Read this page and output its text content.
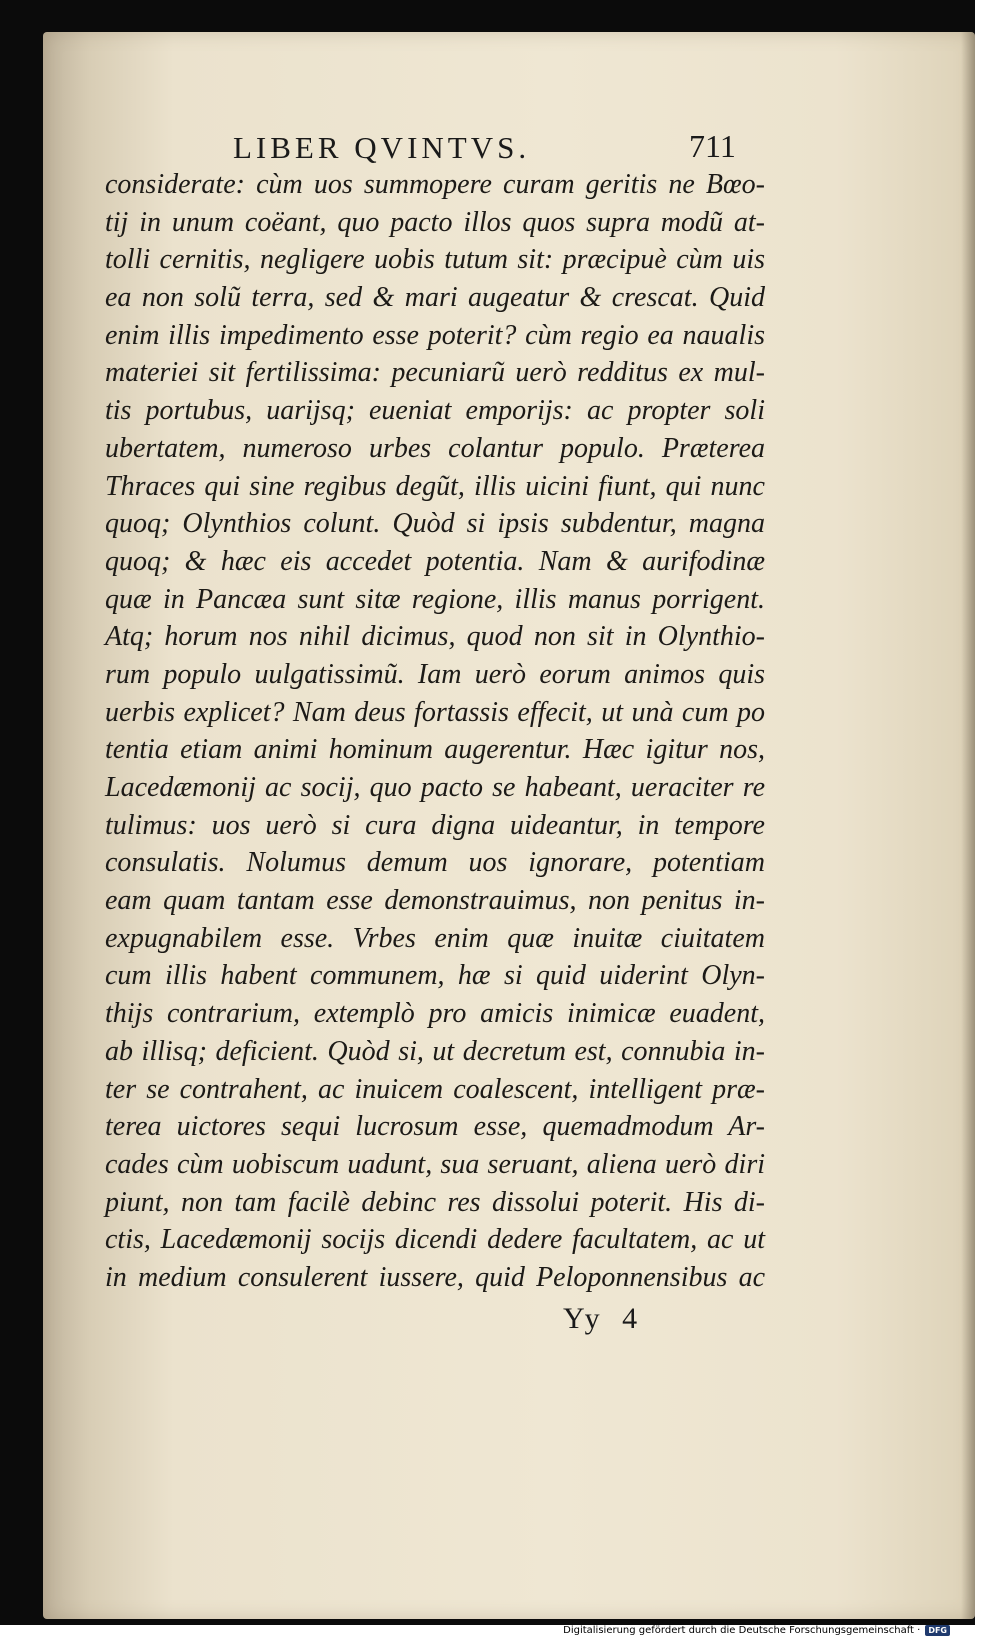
LIBER QVINTVS.	711
considerate: cùm uos summopere curam geritis ne Bœo-
tij in unum coëant, quo pacto illos quos supra modũ at-
tolli cernitis, negligere uobis tutum sit: præcipuè cùm uis
ea non solũ terra, sed & mari augeatur & crescat. Quid
enim illis impedimento esse poterit? cùm regio ea naualis
materiei sit fertilissima: pecuniarũ uerò redditus ex mul-
tis portubus, uarijsq; eueniat emporijs: ac propter soli
ubertatem, numeroso urbes colantur populo. Præterea
Thraces qui sine regibus degũt, illis uicini fiunt, qui nunc
quoq; Olynthios colunt. Quòd si ipsis subdentur, magna
quoq; & hæc eis accedet potentia. Nam & aurifodinæ
quæ in Pancæa sunt sitæ regione, illis manus porrigent.
Atq; horum nos nihil dicimus, quod non sit in Olynthio-
rum populo uulgatissimũ. Iam uerò eorum animos quis
uerbis explicet? Nam deus fortassis effecit, ut unà cum po
tentia etiam animi hominum augerentur. Hæc igitur nos,
Lacedæmonij ac socij, quo pacto se habeant, ueraciter re
tulimus: uos uerò si cura digna uideantur, in tempore
consulatis. Nolumus demum uos ignorare, potentiam
eam quam tantam esse demonstrauimus, non penitus in-
expugnabilem esse. Vrbes enim quæ inuitæ ciuitatem
cum illis habent communem, hæ si quid uiderint Olyn-
thijs contrarium, extemplò pro amicis inimicæ euadent,
ab illisq; deficient. Quòd si, ut decretum est, connubia in-
ter se contrahent, ac inuicem coalescent, intelligent præ-
terea uictores sequi lucrosum esse, quemadmodum Ar-
cades cùm uobiscum uadunt, sua seruant, aliena uerò diri
piunt, non tam facilè debinc res dissolui poterit. His di-
ctis, Lacedæmonij socijs dicendi dedere facultatem, ac ut
in medium consulerent iussere, quid Peloponnensibus ac
Yy   4
Digitalisierung gefördert durch die Deutsche Forschungsgemeinschaft ·	DFG
